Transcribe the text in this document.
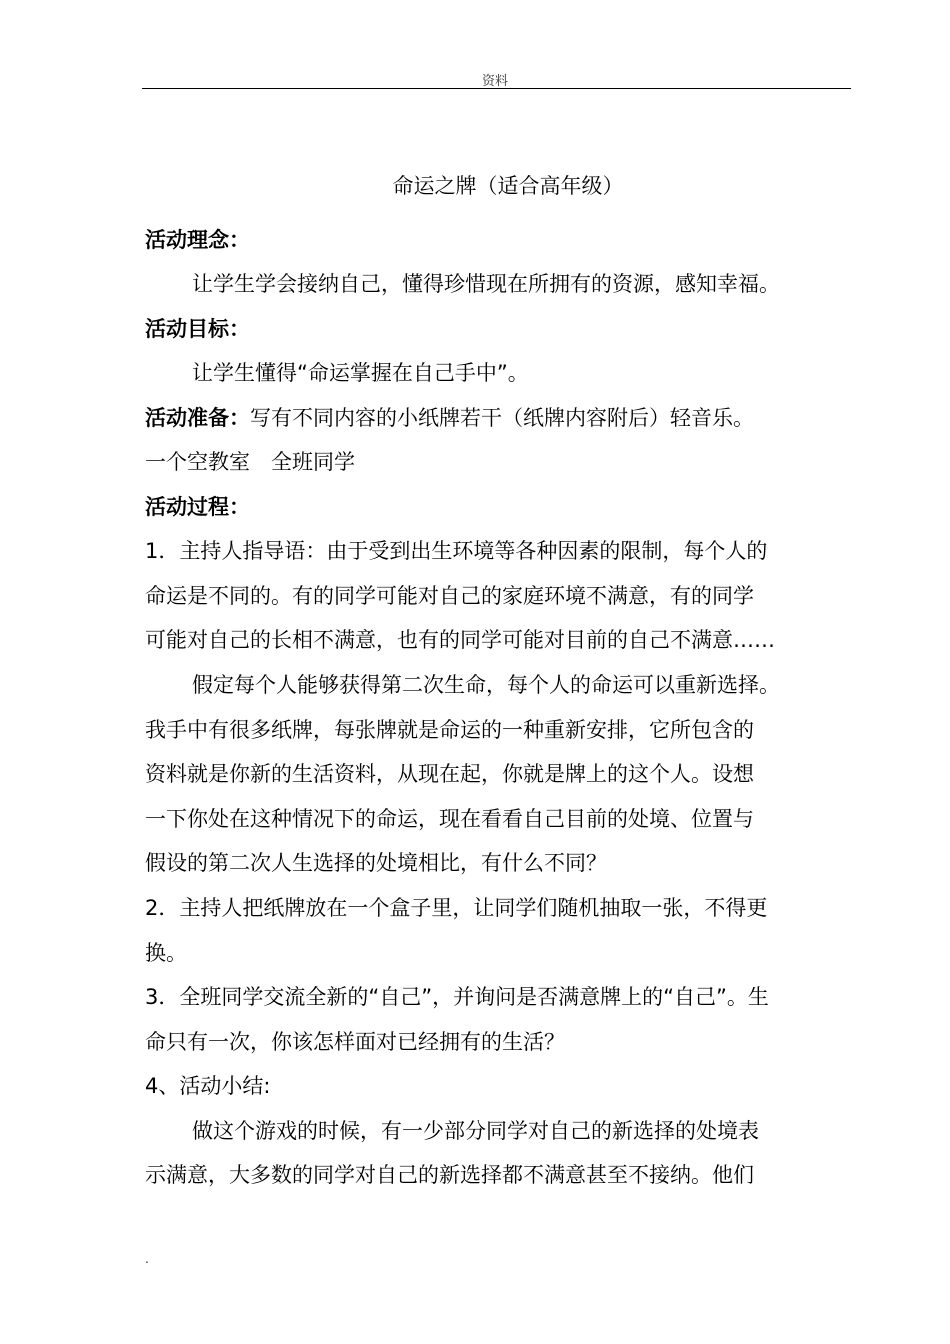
资料
命运之牌（适合高年级）
活动理念：
让学生学会接纳自己，懂得珍惜现在所拥有的资源，感知幸福。
活动目标：
让学生懂得“命运掌握在自己手中”。
活动准备：写有不同内容的小纸牌若干（纸牌内容附后）轻音乐。
一个空教室　全班同学
活动过程：
1．主持人指导语：由于受到出生环境等各种因素的限制，每个人的
命运是不同的。有的同学可能对自己的家庭环境不满意，有的同学
可能对自己的长相不满意，也有的同学可能对目前的自己不满意……
假定每个人能够获得第二次生命，每个人的命运可以重新选择。
我手中有很多纸牌，每张牌就是命运的一种重新安排，它所包含的
资料就是你新的生活资料，从现在起，你就是牌上的这个人。设想
一下你处在这种情况下的命运，现在看看自己目前的处境、位置与
假设的第二次人生选择的处境相比，有什么不同？
2．主持人把纸牌放在一个盒子里，让同学们随机抽取一张，不得更
换。
3．全班同学交流全新的“自己”，并询问是否满意牌上的“自己”。生
命只有一次，你该怎样面对已经拥有的生活？
4、活动小结:
做这个游戏的时候，有一少部分同学对自己的新选择的处境表
示满意，大多数的同学对自己的新选择都不满意甚至不接纳。他们
.
